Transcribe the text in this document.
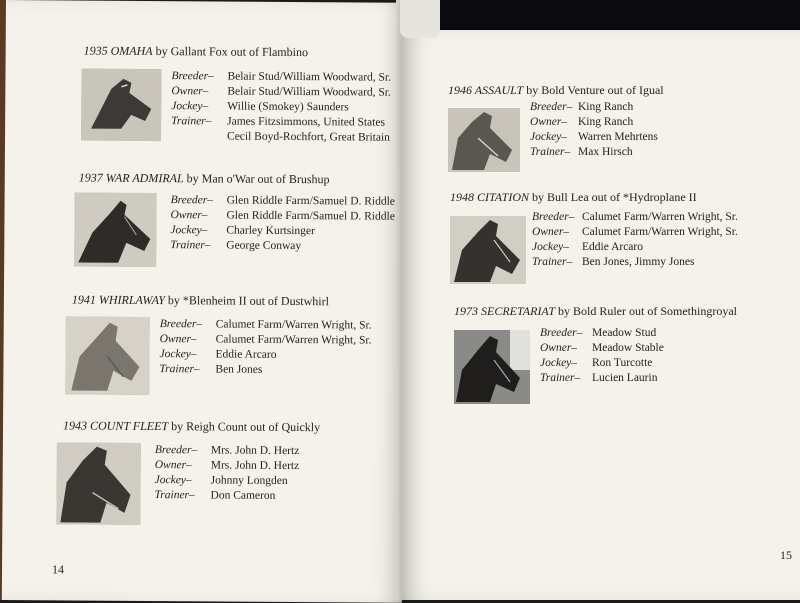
1935 OMAHA by Gallant Fox out of Flambino
Breeder–	Belair Stud/William Woodward, Sr.
Owner–	Belair Stud/William Woodward, Sr.
Jockey–	Willie (Smokey) Saunders
Trainer–	James Fitzsimmons, United States
Cecil Boyd-Rochfort, Great Britain
1937 WAR ADMIRAL by Man o'War out of Brushup
Breeder–	Glen Riddle Farm/Samuel D. Riddle
Owner–	Glen Riddle Farm/Samuel D. Riddle
Jockey–	Charley Kurtsinger
Trainer–	George Conway
1941 WHIRLAWAY by *Blenheim II out of Dustwhirl
Breeder–	Calumet Farm/Warren Wright, Sr.
Owner–	Calumet Farm/Warren Wright, Sr.
Jockey–	Eddie Arcaro
Trainer–	Ben Jones
1943 COUNT FLEET by Reigh Count out of Quickly
Breeder–	Mrs. John D. Hertz
Owner–	Mrs. John D. Hertz
Jockey–	Johnny Longden
Trainer–	Don Cameron
14
1946 ASSAULT by Bold Venture out of Igual
Breeder– King Ranch
Owner– King Ranch
Jockey– Warren Mehrtens
Trainer– Max Hirsch
1948 CITATION by Bull Lea out of *Hydroplane II
Breeder– Calumet Farm/Warren Wright, Sr.
Owner–	Calumet Farm/Warren Wright, Sr.
Jockey–	Eddie Arcaro
Trainer– Ben Jones, Jimmy Jones
1973 SECRETARIAT by Bold Ruler out of Somethingroyal
Breeder– Meadow Stud
Owner–	Meadow Stable
Jockey–	Ron Turcotte
Trainer–	Lucien Laurin
15
